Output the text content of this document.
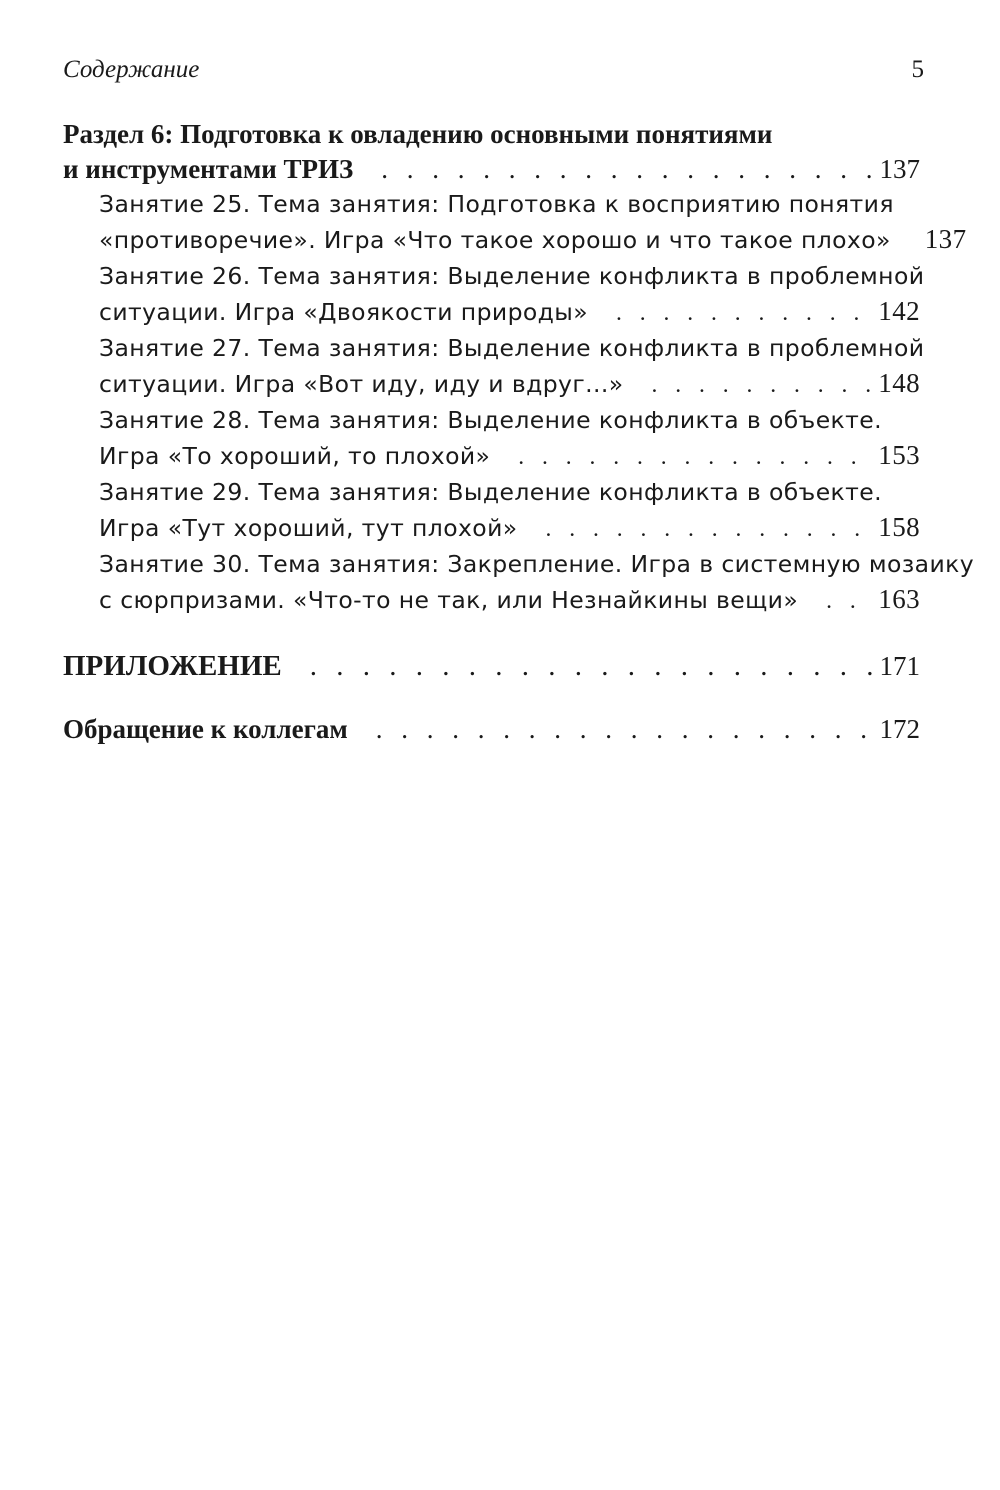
Содержание	5
Раздел 6: Подготовка к овладению основными понятиями
и инструментами ТРИЗ . . .	137
Занятие 25. Тема занятия: Подготовка к восприятию понятия
«противоречие». Игра «Что такое хорошо и что такое плохо» 137
Занятие 26. Тема занятия: Выделение конфликта в проблемной
ситуации. Игра «Двоякости природы» . . .	142
Занятие 27. Тема занятия: Выделение конфликта в проблемной
ситуации. Игра «Вот иду, иду и вдруг...» . . .	148
Занятие 28. Тема занятия: Выделение конфликта в объекте.
Игра «То хороший, то плохой» . . .	153
Занятие 29. Тема занятия: Выделение конфликта в объекте.
Игра «Тут хороший, тут плохой» . . .	158
Занятие 30. Тема занятия: Закрепление. Игра в системную мозаику
с сюрпризами. «Что-то не так, или Незнайкины вещи» . . .	163
ПРИЛОЖЕНИЕ . . .	171
Обращение к коллегам . . .	172
